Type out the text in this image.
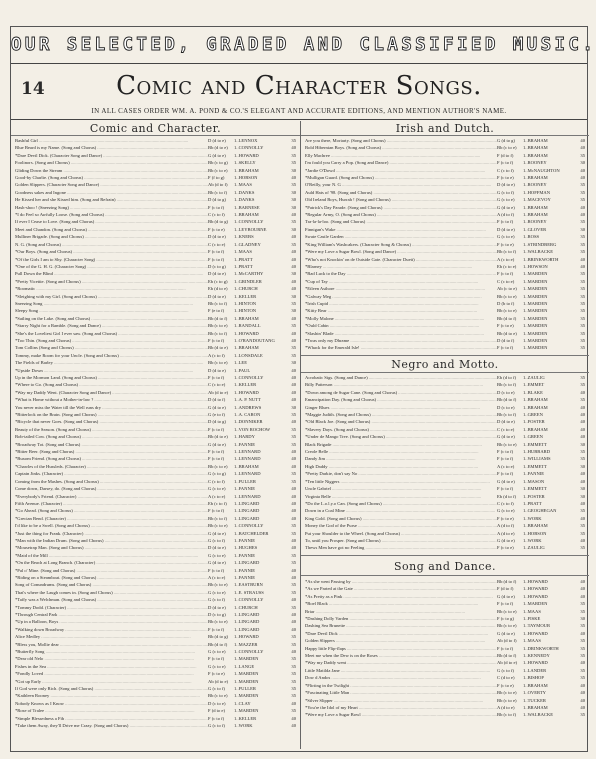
OUR SELECTED, GRADED AND CLASSIFIED MUSIC.
14	Comic and Character Songs.
IN ALL CASES ORDER WM. A. POND & CO.'S ELEGANT AND ACCURATE EDITIONS, AND MENTION AUTHOR'S NAME.
Comic and Character.
Bashful Girl .....	D (d to e)	1..LENNOX	35
Blue Beard is my Name. (Song and Chorus) .....	Bb (d to e)	1..CONNOLLY	40
*Dare Devil Dick. (Character Song and Dance) .....	G (d to e)	1..HOWARD	35
Foolinors. (Song and Chorus) .....	Bb (c to g)	1..SKELLY	35
Gliding Down the Stream .....	Bb (c to e)	1..BRAHAM	30
Good-by Charlie. (Song and Chorus) .....	F (f to g)	1..HOBSON	40
Golden Slippers. (Character Song and Dance) .....	Ab (d to f)	1..MAAS	35
Goodness sakes and Ingone .....	Bb (c to f)	1..DANKS	30
He Kissed her and she Kissed him. (Song and Refrain) .....	D (d to g)	1..DANKS	30
Hash-shoo ! (Sneezing Song) .....	F (c to f)	1..BARNESE	30
*I do Feel so Awfully Loose. (Song and Chorus) .....	C (c to f)	1..BRAHAM	40
If ever I Cease to Love. (Song and Chorus) .....	Bb (d to g)	1..CONNOLLY	35
Meet and Chandon. (Song and Chorus) .....	F (c to e)	1..LEYBOURNE	30
Mulliner Brigade. (Song and Chorus) .....	D (d to e)	1..KNEBS	40
N. G. (Song and Chorus) .....	C (c to e)	1..GLADNEY	35
*Our Boys. (Song and Chorus) .....	F (c to f)	1..MAAS	40
*Of the Girls I am to Shy. (Character Song) .....	F (c to f)	1..PRATT	40
*One of the G. H. G. (Character Song) .....	D (c to g)	1..PRATT	40
Pull Down the Blind .....	D (d to e)	1..McCARTHY	30
*Pretty Vicettie. (Song and Chorus) .....	Eb (c to g)	1..GRINDLER	40
*Roomatic .....	Eb (d to e)	1..CHURCH	40
*Sleighing with my Girl. (Song and Chorus) .....	D (d to e)	1..KELLER	30
Sneezing Song .....	Bb (c to f)	1..HINTON	35
Sleepy Song .....	F (e to f)	1..HINTON	30
*Sailing on the Lake. (Song and Chorus) .....	Bb (d to f)	1..BRAHAM	40
*Starry Night for a Ramble. (Song and Dance) .....	Bb (c to e)	1..RANDALL	35
*She's the Loveliest Girl I ever saw. (Song and Chorus) .....	Bb (c to f)	1..HOWARD	40
*Too Thin. (Song and Chorus) .....	F (c to f)	1..O'RANDOUTANG	40
Tom Collins (Song and Chorus) .....	Bb (d to e)	1..BRAHAM	35
Tommy, make Room for your Uncle. (Song and Chorus) .....	A (c to f)	1..LONSDALE	35
The Fields of Barley .....	Bb (c to e)	1..LEE	30
*Upside Down .....	D (d to e)	1..PAUL	40
Up in the Mormon Land. (Song and Chorus) .....	F (c to f)	1..CONNOLLY	40
*Where to Go. (Song and Chorus) .....	C (c to e)	1..KELLER	40
*Way my Daddy Went. (Character Song and Dance) .....	Ab (d to e)	1..HOWARD	40
*What is Home without a Mother-in-law ? .....	D (d to f)	1..A. P. NUTT	40
You never miss the Water till the Well runs dry .....	G (d to e)	1..ANDREWS	30
*Bitterlock on the Brain. (Song and Chorus) .....	G (e to f)	1..A. CARON	35
*Bicycle that never Goes. (Song and Chorus) .....	D (d to g)	1..DONNIKER	40
Beauty of the Season. (Song and Chorus) .....	F (c to f)	1..VON ROCHOW	35
Bob-tailed Cow. (Song and Chorus) .....	Bb (d to e)	1..HARDY	35
*Broadway Tot. (Song and Chorus) .....	G (d to e)	1..FANNIE	35
*Bitter Beer. (Song and Chorus) .....	F (c to f)	1..LENNARD	40
*Buxom Friend. (Song and Chorus) .....	F (c to f)	1..LENNARD	40
*Chawles of the Hussleds. (Character) .....	Bb (c to e)	1..BRAHAM	40
Captain Jinks. (Character) .....	G (c to g)	1..LENNARD	35
Coming from the Mashes. (Song and Chorus) .....	C (c to f)	1..FULLER	35
Come down, Darsey, do. (Song and Chorus) .....	G (c to e)	1..FANNIE	40
*Everybody's Friend. (Character) .....	A (c to e)	1..LENNARD	40
Fifth Avenue. (Character) .....	Eb (c to f)	1..LINGARD	40
*Go Ahead. (Song and Chorus) .....	F (c to f)	1..LINGARD	40
*Grecian Bend. (Character) .....	Bb (c to f)	1..LINGARD	40
I'd like to be a Swell. (Song and Chorus) .....	Bb (c to e)	1..CONNOLLY	35
*Just the thing for Frank. (Character) .....	G (d to e)	1..BATCHELDER	35
*Man with the Indian Drum. (Song and Chorus) .....	G (c to f)	1..FANNIE	40
*Mousetrap Man. (Song and Chorus) .....	D (d to e)	1..HUGHES	40
*Maid of the Mill .....	G (c to e)	1..FANNIE	35
*On the Beach at Long Branch. (Character) .....	G (d to e)	1..LINGARD	35
*Pal o' Mine. (Song and Chorus) .....	F (c to f)	1..FANNIE	40
*Riding on a Steamboat. (Song and Chorus) .....	A (c to e)	1..FANNIE	40
Song of Conundrums. (Song and Chorus) .....	Bb (c to e)	1..EASTBURN	35
That's where the Laugh comes in. (Song and Chorus) .....	G (c to e)	1..E. STRAUSS	35
*Taffy was a Welchman. (Song and Chorus) .....	G (c to f)	1..CONNOLLY	40
*Tommy Dodd. (Character) .....	D (d to e)	1..CHURCH	35
*Through Central Park .....	D (c to g)	1..LINGARD	40
*Up in a Balloon, Boys .....	Bb (c to e)	1..LINGARD	40
*Walking down Broadway .....	F (c to f)	1..LINGARD	40
Alice Medley .....	Bb (d to g)	1..HOWARD	35
*Bless you, Mollie dear .....	Bb (d to f)	1..MAZZER	35
*Butterfly Song .....	G (c to e)	1..CONNOLLY	40
*Dear old Nelo .....	F (c to f)	1..MARDEN	35
Fishes in the Sea .....	G (c to e)	1..LANGE	35
*Fondly Loved .....	F (c to e)	1..MARDEN	35
*Got up Early .....	Ab (d to e)	1..MARDEN	35
If God were only Rich. (Song and Chorus) .....	G (c to f)	1..FULLER	35
*Kathleen Rooney .....	Bb (c to e)	1..MARDEN	35
Nobody Knows as I Know .....	D (c to e)	1..CLAY	40
*Rose of Tralee .....	F (d to e)	1..MARDEN	35
*Simple Blessedness a Fib .....	F (c to f)	1..KELLER	40
*Take them Away, they'll Drive me Crazy. (Song and Chorus) .....	G (c to f)	1..WORK	40
Irish and Dutch.
Are you there, Moriarty. (Song and Chorus) .....	G (d to g)	1..BRAHAM	40
Bold Hibernian Boys. (Song and Chorus) .....	Bb (c to e)	1..BRAHAM	40
Elly Machree .....	F (d to f)	1..BRAHAM	35
I'm fould you Carry a Pop. (Song and Dance) .....	F (c to f)	1..ROONEY	30
*Jardie O'Dowd .....	C (c to f)	1..McNAUGHTON	40
*Mulligan Guard. (Song and Chorus) .....	F (c to e)	1..BRAHAM	40
O'Reilly, your N. G .....	D (d to e)	1..ROONEY	35
Auld Hats of '98. (Song and Chorus) .....	G (c to f)	1..HOFFMAN	35
Old Ireland Boys, Hurrah ! (Song and Chorus) .....	G (c to e)	1..MACEVOY	35
*Patrick's Day Parade. (Song and Chorus) .....	G (d to e)	1..BRAHAM	40
*Regular Army, O. (Song and Chorus) .....	A (d to f)	1..BRAHAM	40
Tra-la-la-loo. (Song and Chorus) .....	F (c to f)	1..ROONEY	35
Finnigan's Wake .....	D (d to e)	1..GLOVER	30
Swate Castle Garden .....	G (c to e)	1..ROSS	35
*King William's Washcakers. (Character Song & Chorus) .....	F (c to e)	1..STRINDBERG	35
*Were my Love a Sugar Bowl. (Song and Dance) .....	Bb (c to f)	1..WALBACKE	35
*Who's not Knockin' on de Outside Gate. (Character Duett) .....	A (c to e)	1..BRINKWORTH	40
*Blarney .....	Eb (c to e)	1..HOWSON	40
*Bad Luck to the Day .....	F (c to f)	1..MARDEN	35
*Cup of Tay .....	C (c to e)	1..MARDEN	35
*Eileen Asthore .....	Ab (c to e)	1..MARDEN	35
*Galway Meg .....	Bb (c to e)	1..MARDEN	35
*Irish Cupid .....	D (b to f)	1..MARDEN	35
*Kitty Bear .....	Bb (c to e)	1..MARDEN	35
*Molly Malone .....	Bb (d to f)	1..MARDEN	35
*Ould Cabin .....	F (c to e)	1..MARDEN	35
*Slashin' Blade .....	Bb (d to e)	1..MARDEN	35
*Twas only my Dhrame .....	D (d to f)	1..MARDEN	35
*Whack for the Emerald Isle! .....	F (c to f)	1..MARDEN	35
Negro and Motto.
Acrobatic Sigs. (Song and Dance) .....	Eb (d to f)	1..ZAULIG	35
Billy Patterson .....	Bb (c to f)	1..EMMET	35
*Down among de Sugar Cane. (Song and Chorus) .....	D (c to e)	1..BLAKE	40
Emancipation Day. (Song and Chorus) .....	Bb (d to f)	1..BRAHAM	35
Ginger Blues .....	D (c to e)	1..BRAHAM	40
*Maggie Judith. (Song and Chorus) .....	Bb (c to f)	1..GREEN	40
*Old Black Joe. (Song and Chorus) .....	D (d to e)	1..FOSTER	40
*Slavery Days. (Song and Chorus) .....	C (c to e)	1..BRAHAM	40
*Under de Mango Tree. (Song and Chorus) .....	G (d to e)	1..GREEN	40
Black Brigade .....	Bb (c to e)	1..EMMETT	30
Creole Belle .....	F (c to f)	1..HUBBARD	35
Dandy Jim .....	F (c to f)	1..WILLIAMS	35
High Daddy .....	A (c to e)	1..EMMETT	30
*Pretty Darkie, don't say No .....	F (c to f)	1..FANNIE	40
*Ten little Niggers .....	G (d to e)	1..MASON	40
Uncle Gabriel .....	F (c to f)	1..EMMETT	30
Virginia Belle .....	Eb (d to f)	1..FOSTER	30
*Do the L.o.l.y.o Can. (Song and Chorus) .....	C (c to f)	1..PRATT	40
Down in a Coal Mine .....	G (c to e)	1..GEOGHEGAN	35
King Gold. (Song and Chorus) .....	F (c to e)	1..WORK	40
Money the God of the Purse .....	A (d to f)	1..BRAHAM	35
Put your Shoulder to the Wheel. (Song and Chorus) .....	A (d to e)	1..HOBSON	35
To, until you Prosper. (Song and Chorus) .....	G (d to e)	1..WORK	40
Thews Men have got no Feeling .....	F (c to e)	1..ZAULIG	35
Song and Dance.
*As she went Passing by .....	Bb (d to f)	1..HOWARD	40
*As we Parted at the Gate .....	F (d to f)	1..HOWARD	40
*As Pretty as a Pink .....	G (d to e)	1..HOWARD	40
*Boel Black .....	F (c to f)	1..MARDEN	35
Briar .....	Bb (c to e)	1..MAAS	35
*Dashing Dolly Varden .....	F (c to g)	1..FISKE	30
Dashing Sea Brunette .....	Bb (c to e)	1..TAYMOUR	35
*Dare Devil Dick .....	G (d to e)	1..HOWARD	40
Golden Slippers .....	Ab (d to f)	1..MAAS	35
Happy little Flip-flaps .....	F (c to f)	1..DRINKWORTH	35
Meet me when the Dew is on the Roses .....	Bb (d to f)	1..KENNEDY	35
*Way my Daddy went .....	Ab (d to e)	1..HOWARD	40
Little Matilda Jane .....	G (c to f)	1..LANDER	35
Dow d Andos .....	C (d to e)	1..BISHOP	35
*Flirting in the Twilight .....	F (c to e)	1..BRAHAM	40
*Fascinating Little Man .....	Bb (c to e)	1..OVERTY	40
*Silver Slipper .....	Bb (c to e)	1..TUCKER	40
*You're the Idol of my Heart .....	A (d to e)	1..BRAHAM	40
*Were my Love a Sugar Bowl .....	Bb (c to f)	1..WALBACKE	35
